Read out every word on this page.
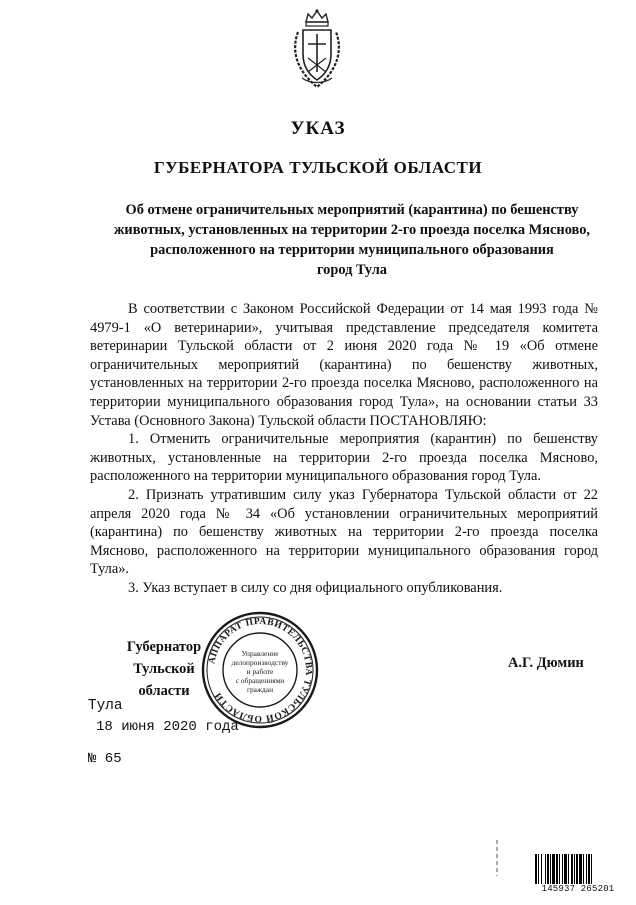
УКАЗ
ГУБЕРНАТОРА ТУЛЬСКОЙ ОБЛАСТИ
Об отмене ограничительных мероприятий (карантина) по бешенству
животных, установленных на территории 2-го проезда поселка Мясново,
расположенного на территории муниципального образования
город Тула

В соответствии с Законом Российской Федерации от 14 мая 1993 года № 4979-1 «О ветеринарии», учитывая представление председателя комитета ветеринарии Тульской области от 2 июня 2020 года № 19 «Об отмене ограничительных мероприятий (карантина) по бешенству животных, установленных на территории 2-го проезда поселка Мясново, расположенного на территории муниципального образования город Тула», на основании статьи 33 Устава (Основного Закона) Тульской области ПОСТАНОВЛЯЮ:

1. Отменить ограничительные мероприятия (карантин) по бешенству животных, установленные на территории 2-го проезда поселка Мясново, расположенного на территории муниципального образования город Тула.

2. Признать утратившим силу указ Губернатора Тульской области от 22 апреля 2020 года № 34 «Об установлении ограничительных мероприятий (карантина) по бешенству животных на территории 2-го проезда поселка Мясново, расположенного на территории муниципального образования город Тула».

3. Указ вступает в силу со дня официального опубликования.

Губернатор
Тульской области
А.Г. Дюмин
АППАРАТ ПРАВИТЕЛЬСТВА ТУЛЬСКОЙ ОБЛАСТИ
Управление
делопроизводству
и работе
с обращениями
граждан
Тула
18 июня 2020 года
№ 65
145937 265201
